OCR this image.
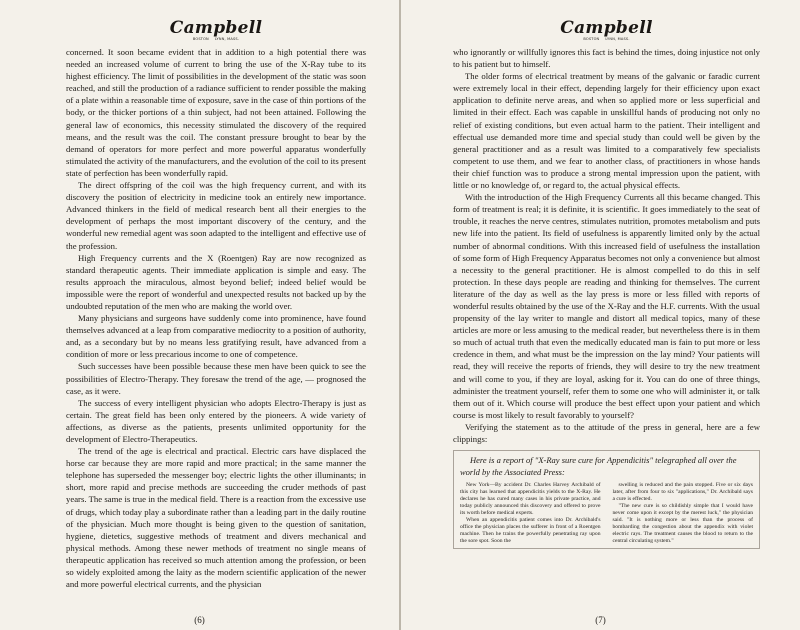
Campbell
BOSTON LYNN, MASS.

concerned. It soon became evident that in addition to a high potential there was needed an increased volume of current to bring the use of the X-Ray tube to its highest efficiency. The limit of possibilities in the development of the static was soon reached, and still the production of a radiance sufficient to render possible the making of a plate within a reasonable time of exposure, save in the case of thin portions of the body, or the thicker portions of a thin subject, had not been attained. Following the general law of economics, this necessity stimulated the discovery of the required means, and the result was the coil. The constant pressure brought to bear by the demand of operators for more perfect and more powerful apparatus wonderfully stimulated the activity of the manufacturers, and the evolution of the coil to its present state of perfection has been wonderfully rapid.

The direct offspring of the coil was the high frequency current, and with its discovery the position of electricity in medicine took an entirely new importance. Advanced thinkers in the field of medical research bent all their energies to the development of perhaps the most important discovery of the century, and the wonderful new remedial agent was soon adapted to the intelligent and effective use of the profession.

High Frequency currents and the X (Roentgen) Ray are now recognized as standard therapeutic agents. Their immediate application is simple and easy. The results approach the miraculous, almost beyond belief; indeed belief would be impossible were the report of wonderful and unexpected results not backed up by the undoubted reputation of the men who are making the world over.

Many physicians and surgeons have suddenly come into prominence, have found themselves advanced at a leap from comparative mediocrity to a position of authority, and, as a secondary but by no means less gratifying result, have advanced from a condition of more or less precarious income to one of competence.

Such successes have been possible because these men have been quick to see the possibilities of Electro-Therapy. They foresaw the trend of the age, — prognosed the case, as it were.

The success of every intelligent physician who adopts Electro-Therapy is just as certain. The great field has been only entered by the pioneers. A wide variety of affections, as diverse as the patients, presents unlimited opportunity for the development of Electro-Therapeutics.

The trend of the age is electrical and practical. Electric cars have displaced the horse car because they are more rapid and more practical; in the same manner the telephone has superseded the messenger boy; electric lights the other illuminants; in short, more rapid and precise methods are succeeding the cruder methods of past years. The same is true in the medical field. There is a reaction from the excessive use of drugs, which today play a subordinate rather than a leading part in the daily routine of the physician. Much more thought is being given to the question of sanitation, hygiene, dietetics, suggestive methods of treatment and divers mechanical and physical methods. Among these newer methods of treatment no single means of therapeutic application has received so much attention among the profession, or been so widely exploited among the laity as the modern scientific application of the newer and more powerful electrical currents, and the physician

(6)
Campbell
BOSTON LYNN, MASS.

who ignorantly or willfully ignores this fact is behind the times, doing injustice not only to his patient but to himself.

The older forms of electrical treatment by means of the galvanic or faradic current were extremely local in their effect, depending largely for their efficiency upon exact application to definite nerve areas, and when so applied more or less superficial and limited in their effect. Each was capable in unskillful hands of producing not only no relief of existing conditions, but even actual harm to the patient. Their intelligent and effectual use demanded more time and special study than could well be given by the general practitioner and as a result was limited to a comparatively few specialists competent to use them, and we fear to another class, of practitioners in whose hands their chief function was to produce a strong mental impression upon the patient, with little or no knowledge of, or regard to, the actual physical effects.

With the introduction of the High Frequency Currents all this became changed. This form of treatment is real; it is definite, it is scientific. It goes immediately to the seat of trouble, it reaches the nerve centres, stimulates nutrition, promotes metabolism and puts new life into the patient. Its field of usefulness is apparently limited only by the actual number of abnormal conditions. With this increased field of usefulness the installation of some form of High Frequency Apparatus becomes not only a convenience but almost a necessity to the general practitioner. He is almost compelled to do this in self protection. In these days people are reading and thinking for themselves. The current literature of the day as well as the lay press is more or less filled with reports of wonderful results obtained by the use of the X-Ray and the H.F. currents. With the usual propensity of the lay writer to mangle and distort all medical topics, many of these articles are more or less amusing to the medical reader, but nevertheless there is in them so much of actual truth that even the medically educated man is fain to put more or less credence in them, and what must be the impression on the lay mind? Your patients will read, they will receive the reports of friends, they will desire to try the new treatment and will come to you, if they are loyal, asking for it. You can do one of three things, administer the treatment yourself, refer them to some one who will administer it, or talk them out of it. Which course will produce the best effect upon your patient and which course is most likely to result favorably to yourself?

Verifying the statement as to the attitude of the press in general, here are a few clippings:

Here is a report of "X-Ray sure cure for Appendicitis" telegraphed all over the world by the Associated Press:

New York—By accident Dr. Charles Harvey Archibald of this city has learned that appendicitis yields to the X-Ray. He declares he has cured many cases in his private practice, and today publicly announced this discovery and offered to prove its worth before medical experts.

When an appendicitis patient comes into Dr. Archibald's office the physician places the sufferer in front of a Roentgen machine. Then he trains the powerfully penetrating ray upon the sore spot. Soon the

swelling is reduced and the pain stopped. Five or six days later, after from four to six "applications," Dr. Archibald says a cure is effected.

"The new cure is so childishly simple that I would have never come upon it except by the merest luck," the physician said. "It is nothing more or less than the process of bombarding the congestion about the appendix with violet electric rays. The treatment causes the blood to return to the central circulating system."

(7)
